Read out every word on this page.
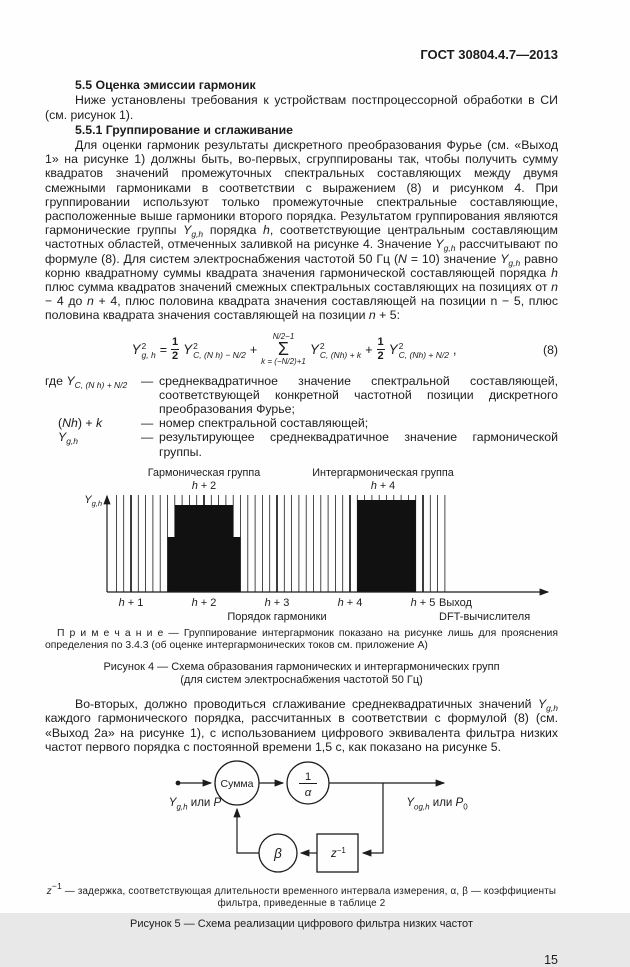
ГОСТ 30804.4.7—2013
5.5 Оценка эмиссии гармоник

Ниже установлены требования к устройствам постпроцессорной обработки в СИ (см. рисунок 1).

5.5.1 Группирование и сглаживание

Для оценки гармоник результаты дискретного преобразования Фурье (см. «Выход 1» на рисунке 1) должны быть, во-первых, сгруппированы так, чтобы получить сумму квадратов значений промежуточных спектральных составляющих между двумя смежными гармониками в соответствии с выражением (8) и рисунком 4. При группировании используют только промежуточные спектральные составляющие, расположенные выше гармоники второго порядка. Результатом группирования являются гармонические группы $Y_{g,h}$ порядка h, соответствующие центральным составляющим частотных областей, отмеченных заливкой на рисунке 4. Значение $Y_{g,h}$ рассчитывают по формуле (8). Для систем электроснабжения частотой 50 Гц (N = 10) значение $Y_{g,h}$ равно корню квадратному суммы квадрата значения гармонической составляющей порядка h плюс сумма квадратов значений смежных спектральных составляющих на позициях от n − 4 до n + 4, плюс половина квадрата значения составляющей на позиции n − 5, плюс половина квадрата значения составляющей на позиции n + 5:

Y 2
g, $h = \frac{1}{2}$ Y 2
C, (N h) − N/2 +
N/2−1
Σ
k = (−N/2)+1
Y 2
C, $(Nh) + k + \frac{1}{2}$ Y 2
C, (Nh) + N/2 ,	(8)
где $Y_{C, (N h) + N/2}$	— среднеквадратичное значение спектральной составляющей, соответствующей конкретной частотной позиции дискретного преобразования Фурье;
(Nh) + k	— номер спектральной составляющей;
$Y_{g,h}$	— результирующее среднеквадратичное значение гармонической группы.
Гармоническая группа
h + 2
Интергармоническая группа
h + 4
$Y_{g,h}$
h + 1	h + 2	h + 3	h + 4	h + 5
Порядок гармоники
Выход
DFT-вычислителя

П р и м е ч а н и е — Группирование интергармоник показано на рисунке лишь для прояснения определения по 3.4.3 (об оценке интергармонических токов см. приложение А)

Рисунок 4 — Схема образования гармонических и интергармонических групп
(для систем электроснабжения частотой 50 Гц)

Во-вторых, должно проводиться сглаживание среднеквадратичных значений $Y_{g,h}$ каждого гармонического порядка, рассчитанных в соответствии с формулой (8) (см. «Выход 2а» на рисунке 1), с использованием цифрового эквивалента фильтра низких частот первого порядка с постоянной времени 1,5 с, как показано на рисунке 5.

Сумма
1
α
β	$z^{-1}$
$Y_{g,h}$ или P	$Y_{og,h}$ или $P_0$

$z^{-1}$ — задержка, соответствующая длительности временного интервала измерения, α, β — коэффициенты фильтра, приведенные в таблице 2

Рисунок 5 — Схема реализации цифрового фильтра низких частот

15
